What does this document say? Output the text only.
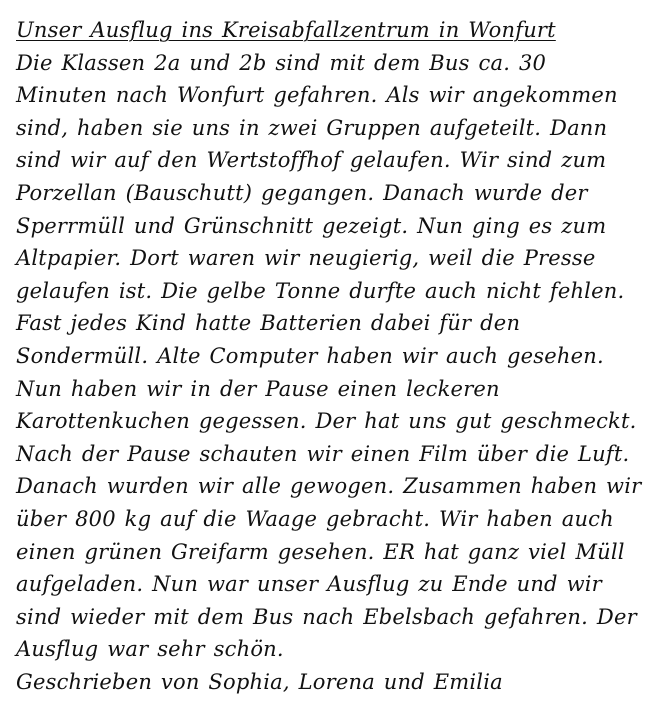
Unser Ausflug ins Kreisabfallzentrum in Wonfurt
Die Klassen 2a und 2b sind mit dem Bus ca. 30
Minuten nach Wonfurt gefahren. Als wir angekommen
sind, haben sie uns in zwei Gruppen aufgeteilt. Dann
sind wir auf den Wertstoffhof gelaufen. Wir sind zum
Porzellan (Bauschutt) gegangen. Danach wurde der
Sperrmüll und Grünschnitt gezeigt. Nun ging es zum
Altpapier. Dort waren wir neugierig, weil die Presse
gelaufen ist. Die gelbe Tonne durfte auch nicht fehlen.
Fast jedes Kind hatte Batterien dabei für den
Sondermüll. Alte Computer haben wir auch gesehen.
Nun haben wir in der Pause einen leckeren
Karottenkuchen gegessen. Der hat uns gut geschmeckt.
Nach der Pause schauten wir einen Film über die Luft.
Danach wurden wir alle gewogen. Zusammen haben wir
über 800 kg auf die Waage gebracht. Wir haben auch
einen grünen Greifarm gesehen. ER hat ganz viel Müll
aufgeladen. Nun war unser Ausflug zu Ende und wir
sind wieder mit dem Bus nach Ebelsbach gefahren. Der
Ausflug war sehr schön.
Geschrieben von Sophia, Lorena und Emilia
